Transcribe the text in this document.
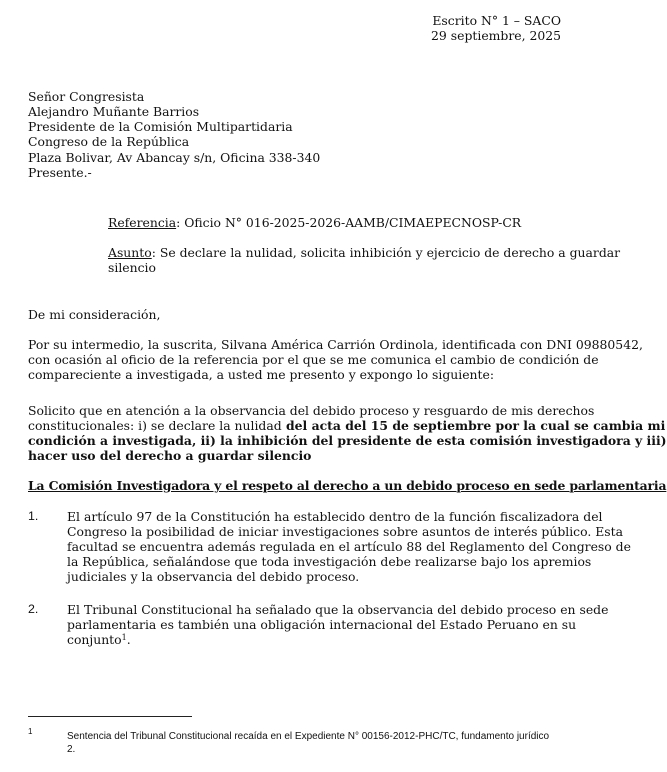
Escrito N° 1 – SACO
29 septiembre, 2025
Señor Congresista
Alejandro Muñante Barrios
Presidente de la Comisión Multipartidaria
Congreso de la República
Plaza Bolivar, Av Abancay s/n, Oficina 338-340
Presente.-
Referencia: Oficio N° 016-2025-2026-AAMB/CIMAEPECNOSP-CR
Asunto: Se declare la nulidad, solicita inhibición y ejercicio de derecho a guardar
silencio
De mi consideración,
Por su intermedio, la suscrita, Silvana América Carrión Ordinola, identificada con DNI 09880542,
con ocasión al oficio de la referencia por el que se me comunica el cambio de condición de
compareciente a investigada, a usted me presento y expongo lo siguiente:
Solicito que en atención a la observancia del debido proceso y resguardo de mis derechos
constitucionales: i) se declare la nulidad del acta del 15 de septiembre por la cual se cambia mi
condición a investigada, ii) la inhibición del presidente de esta comisión investigadora y iii)
hacer uso del derecho a guardar silencio
La Comisión Investigadora y el respeto al derecho a un debido proceso en sede parlamentaria
1. El artículo 97 de la Constitución ha establecido dentro de la función fiscalizadora del
Congreso la posibilidad de iniciar investigaciones sobre asuntos de interés público. Esta
facultad se encuentra además regulada en el artículo 88 del Reglamento del Congreso de
la República, señalándose que toda investigación debe realizarse bajo los apremios
judiciales y la observancia del debido proceso.
2. El Tribunal Constitucional ha señalado que la observancia del debido proceso en sede
parlamentaria es también una obligación internacional del Estado Peruano en su
conjunto$^1$.
1	Sentencia del Tribunal Constitucional recaída en el Expediente N° 00156-2012-PHC/TC, fundamento jurídico
2.
